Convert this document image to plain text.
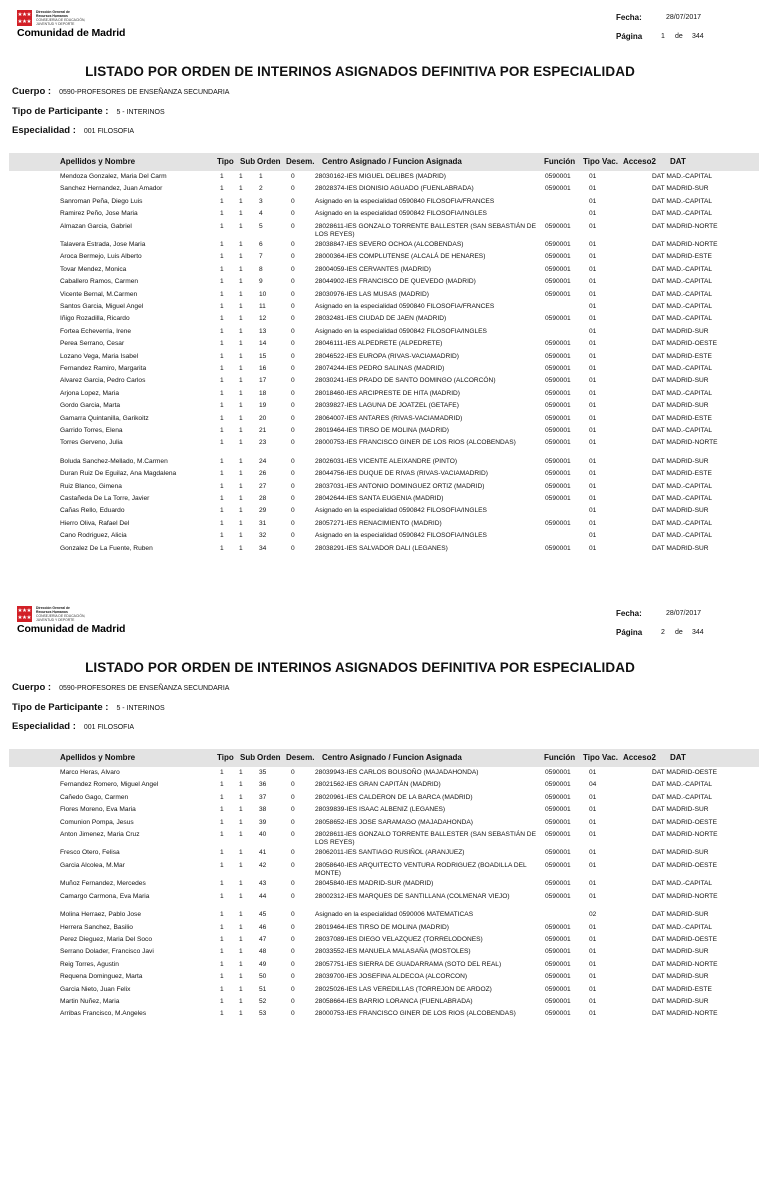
Dirección General de
Recursos Humanos
CONSEJERÍA DE EDUCACIÓN,
JUVENTUD Y DEPORTE
Comunidad de Madrid
Fecha:	28/07/2017
Página	1 de 344
LISTADO POR ORDEN DE INTERINOS ASIGNADOS DEFINITIVA POR ESPECIALIDAD
Cuerpo : 0590-PROFESORES DE ENSEÑANZA SECUNDARIA
Tipo de Participante : 5 - INTERINOS
Especialidad : 001 FILOSOFIA
Apellidos y Nombre	Tipo Sub Orden Desem. Centro Asignado / Funcion Asignada	Función Tipo Vac. Acceso2 DAT
Mendoza Gonzalez, Maria Del Carm	1 1 1	0	28030162-IES MIGUEL DELIBES (MADRID)	0590001	01	DAT MAD.-CAPITAL
Sanchez Hernandez, Juan Amador	1 1 2	0	28028374-IES DIONISIO AGUADO (FUENLABRADA)	0590001	01	DAT MADRID-SUR
Sanroman Peña, Diego Luis	1 1 3	0	Asignado en la especialidad 0590840 FILOSOFIA/FRANCES	01	DAT MAD.-CAPITAL
Ramirez Peño, Jose Maria	1 1 4	0	Asignado en la especialidad 0590842 FILOSOFIA/INGLES	01	DAT MAD.-CAPITAL
Almazan Garcia, Gabriel	1 1 5	0	28028611-IES GONZALO TORRENTE BALLESTER (SAN SEBASTIÁN DE LOS REYES)
0590001	01	DAT MADRID-NORTE
Talavera Estrada, Jose Maria	1 1 6	0	28038847-IES SEVERO OCHOA (ALCOBENDAS)	0590001	01	DAT MADRID-NORTE
Aroca Bermejo, Luis Alberto	1 1 7	0	28000364-IES COMPLUTENSE (ALCALÁ DE HENARES)	0590001	01	DAT MADRID-ESTE
Tovar Mendez, Monica	1 1 8	0	28004059-IES CERVANTES (MADRID)	0590001	01	DAT MAD.-CAPITAL
Caballero Ramos, Carmen	1 1 9	0	28044902-IES FRANCISCO DE QUEVEDO (MADRID)	0590001	01	DAT MAD.-CAPITAL
Vicente Bernal, M.Carmen	1 1 10	0	28030976-IES LAS MUSAS (MADRID)	0590001	01	DAT MAD.-CAPITAL
Santos Garcia, Miguel Angel	1 1 11	0	Asignado en la especialidad 0590840 FILOSOFIA/FRANCES	01	DAT MAD.-CAPITAL
Iñigo Rozadilla, Ricardo	1 1 12	0	28032481-IES CIUDAD DE JAEN (MADRID)	0590001	01	DAT MAD.-CAPITAL
Fortea Echeverria, Irene	1 1 13	0	Asignado en la especialidad 0590842 FILOSOFIA/INGLES	01	DAT MADRID-SUR
Perea Serrano, Cesar	1 1 14	0	28046111-IES ALPEDRETE (ALPEDRETE)	0590001	01	DAT MADRID-OESTE
Lozano Vega, Maria Isabel	1 1 15	0	28046522-IES EUROPA (RIVAS-VACIAMADRID)	0590001	01	DAT MADRID-ESTE
Fernandez Ramiro, Margarita	1 1 16	0	28074244-IES PEDRO SALINAS (MADRID)	0590001	01	DAT MAD.-CAPITAL
Alvarez Garcia, Pedro Carlos	1 1 17	0	28030241-IES PRADO DE SANTO DOMINGO (ALCORCÓN)	0590001	01	DAT MADRID-SUR
Arjona Lopez, Maria	1 1 18	0	28018460-IES ARCIPRESTE DE HITA (MADRID)	0590001	01	DAT MAD.-CAPITAL
Gordo Garcia, Marta	1 1 19	0	28039827-IES LAGUNA DE JOATZEL (GETAFE)	0590001	01	DAT MADRID-SUR
Gamarra Quintanilla, Garikoitz	1 1 20	0	28064007-IES ANTARES (RIVAS-VACIAMADRID)	0590001	01	DAT MADRID-ESTE
Garrido Torres, Elena	1 1 21	0	28019464-IES TIRSO DE MOLINA (MADRID)	0590001	01	DAT MAD.-CAPITAL
Torres Gerveno, Julia	1 1 23	0	28000753-IES FRANCISCO GINER DE LOS RIOS (ALCOBENDAS)	0590001	01	DAT MADRID-NORTE
Boluda Sanchez-Mellado, M.Carmen	1 1 24	0	28026031-IES VICENTE ALEIXANDRE (PINTO)	0590001	01	DAT MADRID-SUR
Duran Ruiz De Eguilaz, Ana Magdalena	1 1 26	0	28044756-IES DUQUE DE RIVAS (RIVAS-VACIAMADRID)	0590001	01	DAT MADRID-ESTE
Ruiz Blanco, Gimena	1 1 27	0	28037031-IES ANTONIO DOMINGUEZ ORTIZ (MADRID)	0590001	01	DAT MAD.-CAPITAL
Castañeda De La Torre, Javier	1 1 28	0	28042644-IES SANTA EUGENIA (MADRID)	0590001	01	DAT MAD.-CAPITAL
Cañas Rello, Eduardo	1 1 29	0	Asignado en la especialidad 0590842 FILOSOFIA/INGLES	01	DAT MADRID-SUR
Hierro Oliva, Rafael Del	1 1 31	0	28057271-IES RENACIMIENTO (MADRID)	0590001	01	DAT MAD.-CAPITAL
Cano Rodriguez, Alicia	1 1 32	0	Asignado en la especialidad 0590842 FILOSOFIA/INGLES	01	DAT MAD.-CAPITAL
Gonzalez De La Fuente, Ruben	1 1 34	0	28038291-IES SALVADOR DALI (LEGANES)	0590001	01	DAT MADRID-SUR
Dirección General de
Recursos Humanos
CONSEJERÍA DE EDUCACIÓN,
JUVENTUD Y DEPORTE
Comunidad de Madrid
Fecha:	28/07/2017
Página	2 de 344
LISTADO POR ORDEN DE INTERINOS ASIGNADOS DEFINITIVA POR ESPECIALIDAD
Cuerpo : 0590-PROFESORES DE ENSEÑANZA SECUNDARIA
Tipo de Participante : 5 - INTERINOS
Especialidad : 001 FILOSOFIA
Apellidos y Nombre	Tipo Sub Orden Desem. Centro Asignado / Funcion Asignada	Función Tipo Vac. Acceso2 DAT
Marco Heras, Alvaro	1 1 35	0	28039943-IES CARLOS BOUSOÑO (MAJADAHONDA)	0590001	01	DAT MADRID-OESTE
Fernandez Romero, Miguel Angel	1 1 36	0	28021562-IES GRAN CAPITÁN (MADRID)	0590001	04	DAT MAD.-CAPITAL
Cañedo Gago, Carmen	1 1 37	0	28020961-IES CALDERON DE LA BARCA (MADRID)	0590001	01	DAT MAD.-CAPITAL
Flores Moreno, Eva Maria	1 1 38	0	28039839-IES ISAAC ALBENIZ (LEGANES)	0590001	01	DAT MADRID-SUR
Comunion Pompa, Jesus	1 1 39	0	28058652-IES JOSE SARAMAGO (MAJADAHONDA)	0590001	01	DAT MADRID-OESTE
Anton Jimenez, Maria Cruz	1 1 40	0	28028611-IES GONZALO TORRENTE BALLESTER (SAN SEBASTIÁN DE LOS REYES)
0590001	01	DAT MADRID-NORTE
Fresco Otero, Felisa	1 1 41	0	28062011-IES SANTIAGO RUSIÑOL (ARANJUEZ)	0590001	01	DAT MADRID-SUR
Garcia Alcolea, M.Mar	1 1 42	0	28058640-IES ARQUITECTO VENTURA RODRIGUEZ (BOADILLA DEL MONTE)
0590001	01	DAT MADRID-OESTE
Muñoz Fernandez, Mercedes	1 1 43	0	28045840-IES MADRID-SUR (MADRID)	0590001	01	DAT MAD.-CAPITAL
Camargo Carmona, Eva Maria	1 1 44	0	28002312-IES MARQUES DE SANTILLANA (COLMENAR VIEJO)	0590001	01	DAT MADRID-NORTE
Molina Herraez, Pablo Jose	1 1 45	0	Asignado en la especialidad 0590006 MATEMATICAS	02	DAT MADRID-SUR
Herrera Sanchez, Basilio	1 1 46	0	28019464-IES TIRSO DE MOLINA (MADRID)	0590001	01	DAT MAD.-CAPITAL
Perez Dieguez, Maria Del Soco	1 1 47	0	28037089-IES DIEGO VELAZQUEZ (TORRELODONES)	0590001	01	DAT MADRID-OESTE
Serrano Dolader, Francisco Javi	1 1 48	0	28033552-IES MANUELA MALASAÑA (MOSTOLES)	0590001	01	DAT MADRID-SUR
Reig Torres, Agustin	1 1 49	0	28057751-IES SIERRA DE GUADARRAMA (SOTO DEL REAL)	0590001	01	DAT MADRID-NORTE
Requena Dominguez, Marta	1 1 50	0	28039700-IES JOSEFINA ALDECOA (ALCORCON)	0590001	01	DAT MADRID-SUR
Garcia Nieto, Juan Felix	1 1 51	0	28025026-IES LAS VEREDILLAS (TORREJON DE ARDOZ)	0590001	01	DAT MADRID-ESTE
Martin Nuñez, Maria	1 1 52	0	28058664-IES BARRIO LORANCA (FUENLABRADA)	0590001	01	DAT MADRID-SUR
Arribas Francisco, M.Angeles	1 1 53	0	28000753-IES FRANCISCO GINER DE LOS RIOS (ALCOBENDAS)	0590001	01	DAT MADRID-NORTE
